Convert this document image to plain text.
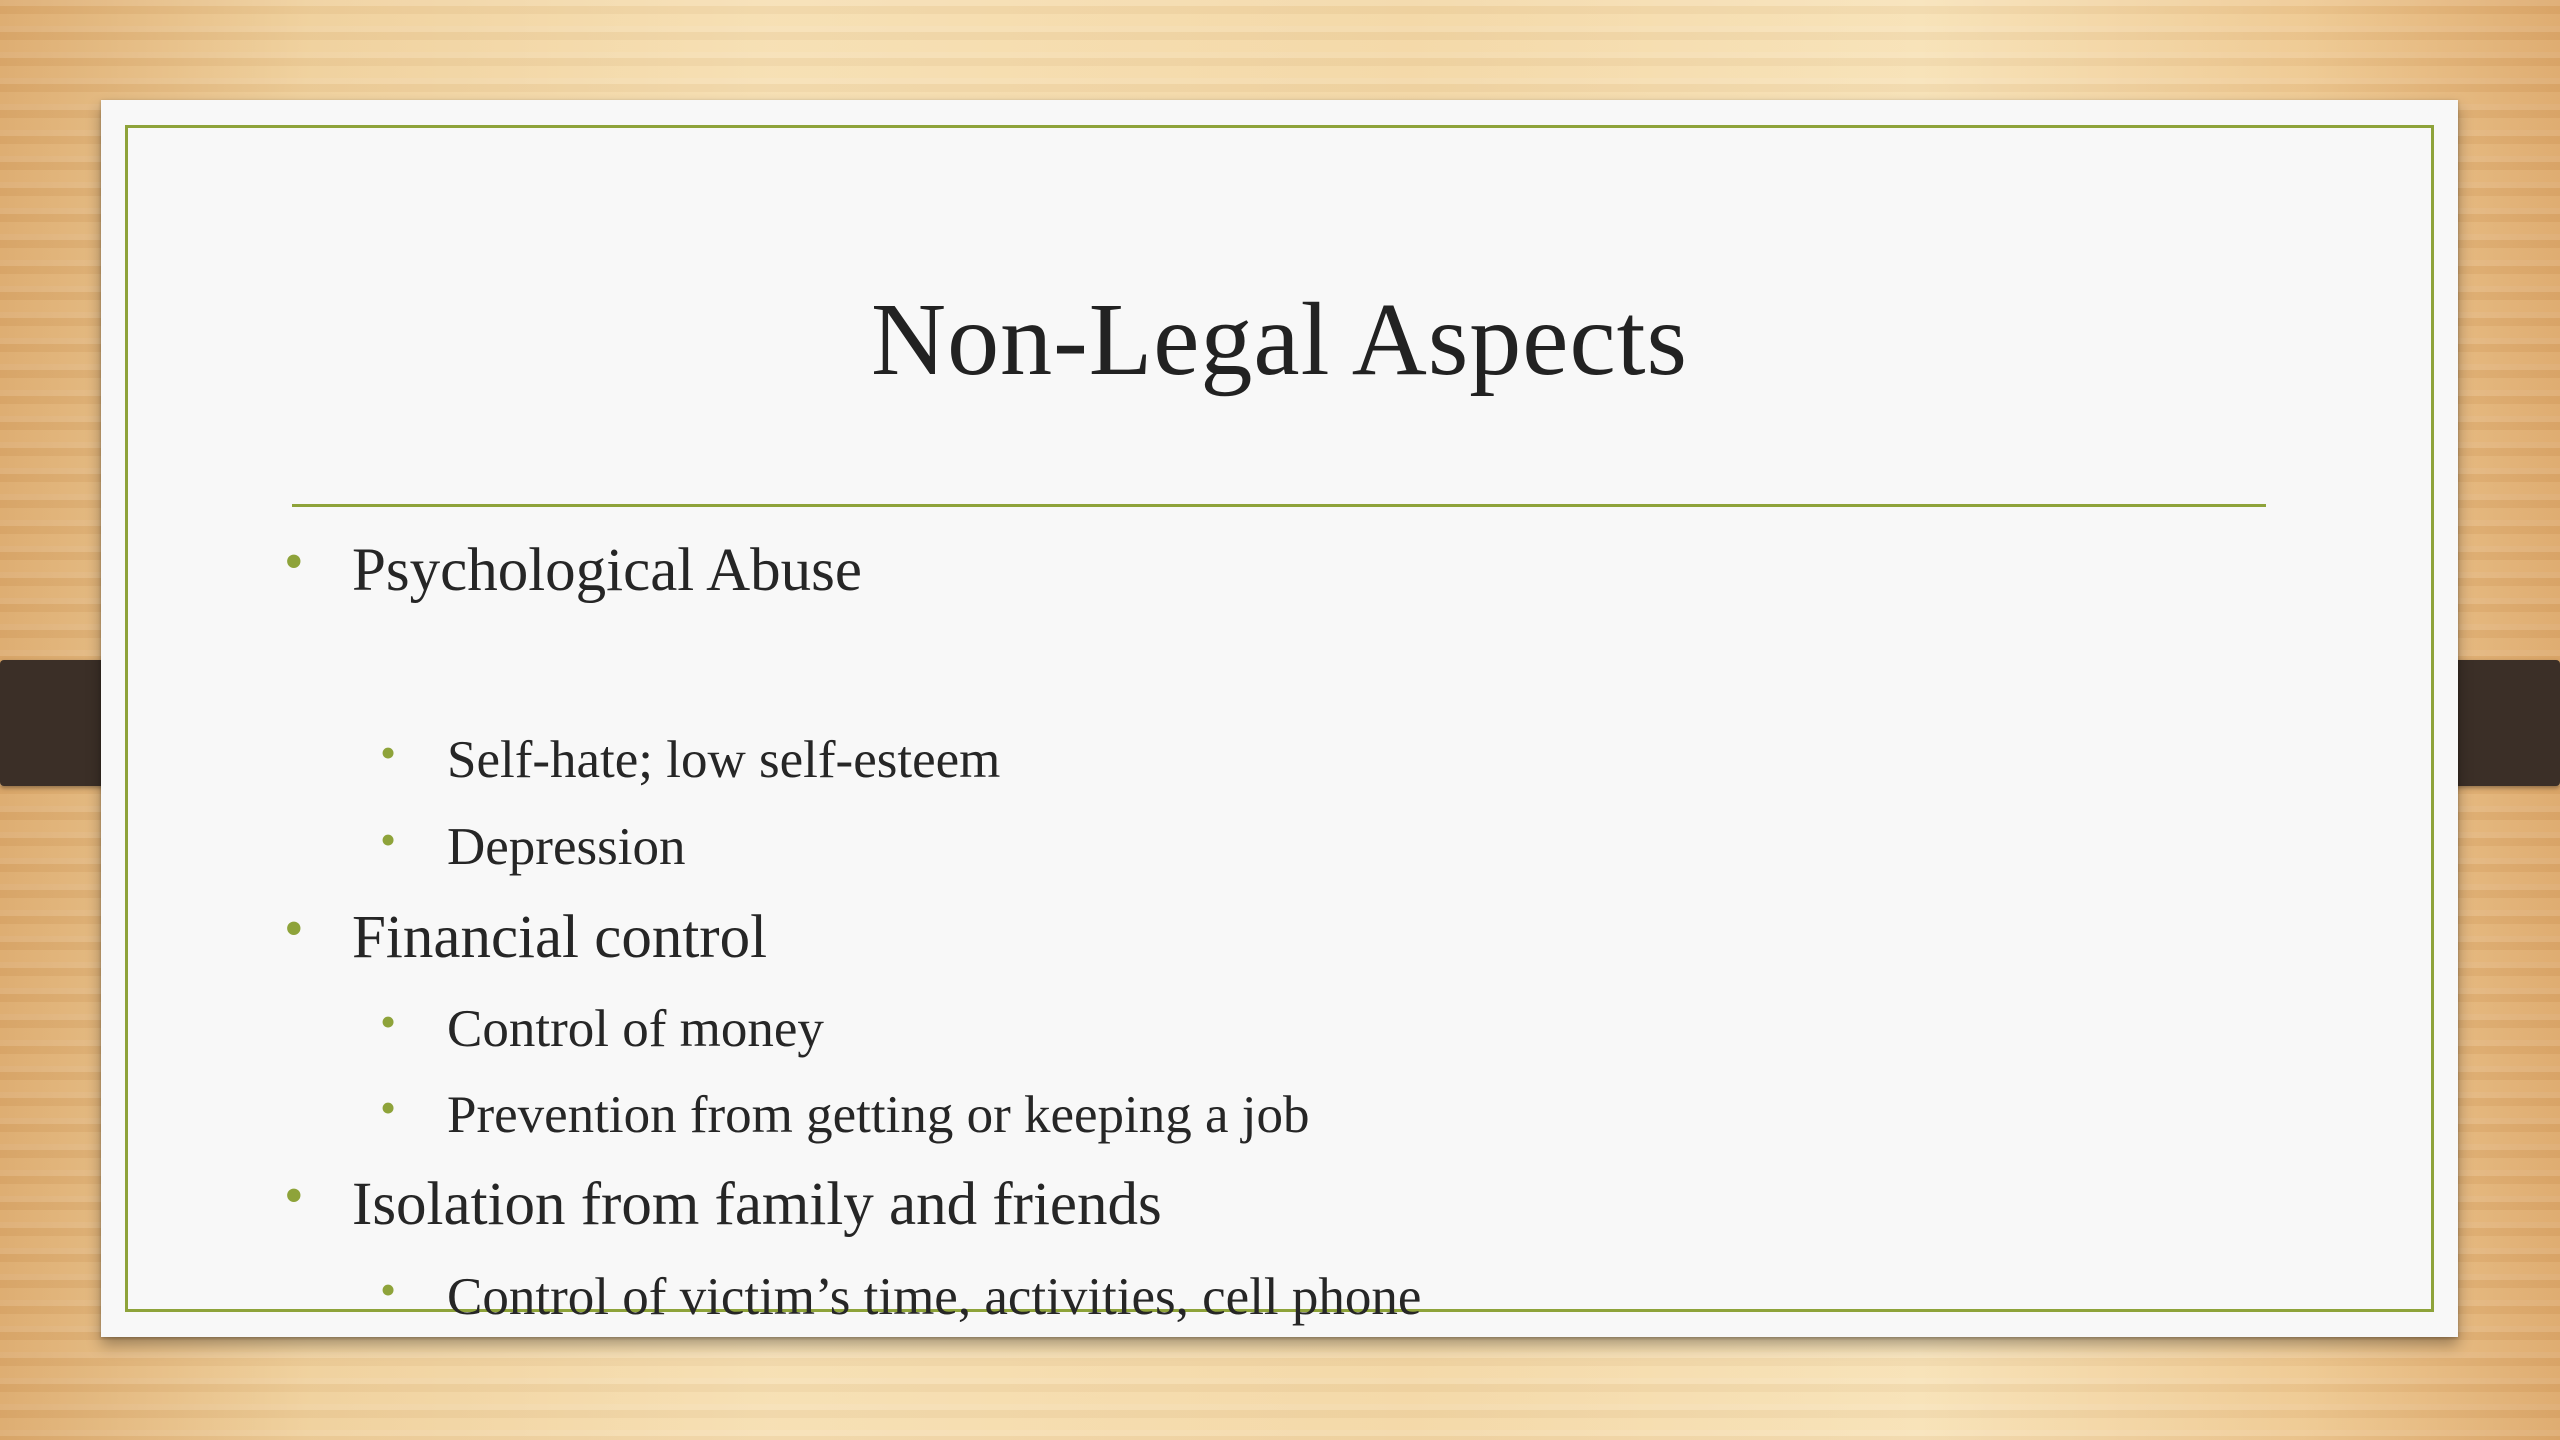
Non-Legal Aspects
• Psychological Abuse
• Self-hate; low self-esteem
• Depression
• Financial control
• Control of money
• Prevention from getting or keeping a job
• Isolation from family and friends
• Control of victim’s time, activities, cell phone
